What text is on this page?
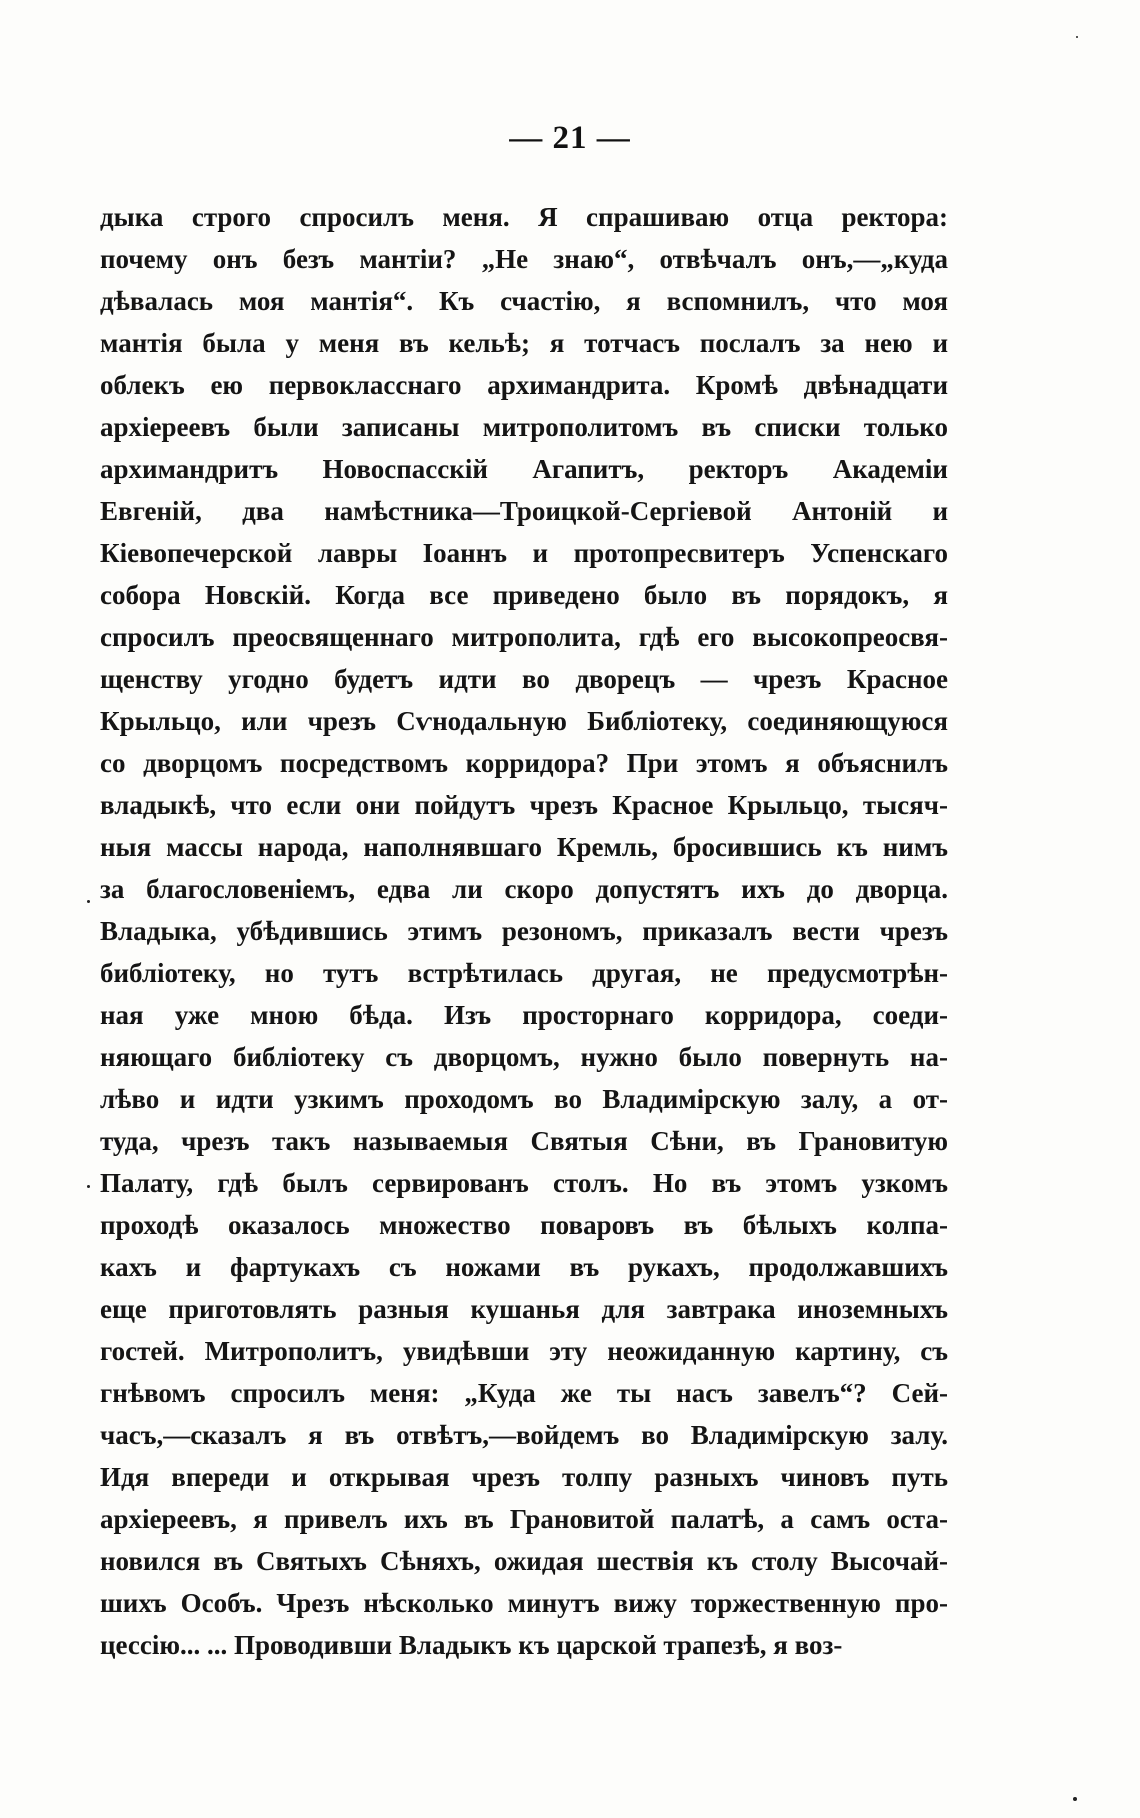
— 21 —
дыка строго спросилъ меня. Я спрашиваю отца ректора:
почему онъ безъ мантіи? „Не знаю“, отвѣчалъ онъ,—„куда
дѣвалась моя мантія“. Къ счастію, я вспомнилъ, что моя
мантія была у меня въ кельѣ; я тотчасъ послалъ за нею и
облекъ ею первокласснаго архимандрита. Кромѣ двѣнадцати
архіереевъ были записаны митрополитомъ въ списки только
архимандритъ Новоспасскій Агапитъ, ректоръ Академіи
Евгеній, два намѣстника—Троицкой-Сергіевой Антоній и
Кіевопечерской лавры Іоаннъ и протопресвитеръ Успенскаго
собора Новскій. Когда все приведено было въ порядокъ, я
спросилъ преосвященнаго митрополита, гдѣ его высокопреосвя-
щенству угодно будетъ идти во дворецъ — чрезъ Красное
Крыльцо, или чрезъ Сѵнодальную Библіотеку, соединяющуюся
со дворцомъ посредствомъ корридора? При этомъ я объяснилъ
владыкѣ, что если они пойдутъ чрезъ Красное Крыльцо, тысяч-
ныя массы народа, наполнявшаго Кремль, бросившись къ нимъ
за благословеніемъ, едва ли скоро допустятъ ихъ до дворца.
Владыка, убѣдившись этимъ резономъ, приказалъ вести чрезъ
библіотеку, но тутъ встрѣтилась другая, не предусмотрѣн-
ная уже мною бѣда. Изъ просторнаго корридора, соеди-
няющаго библіотеку съ дворцомъ, нужно было повернуть на-
лѣво и идти узкимъ проходомъ во Владимірскую залу, а от-
туда, чрезъ такъ называемыя Святыя Сѣни, въ Грановитую
Палату, гдѣ былъ сервированъ столъ. Но въ этомъ узкомъ
проходѣ оказалось множество поваровъ въ бѣлыхъ колпа-
кахъ и фартукахъ съ ножами въ рукахъ, продолжавшихъ
еще приготовлять разныя кушанья для завтрака иноземныхъ
гостей. Митрополитъ, увидѣвши эту неожиданную картину, съ
гнѣвомъ спросилъ меня: „Куда же ты насъ завелъ“? Сей-
часъ,—сказалъ я въ отвѣтъ,—войдемъ во Владимірскую залу.
Идя впереди и открывая чрезъ толпу разныхъ чиновъ путь
архіереевъ, я привелъ ихъ въ Грановитой палатѣ, а самъ оста-
новился въ Святыхъ Сѣняхъ, ожидая шествія къ столу Высочай-
шихъ Особъ. Чрезъ нѣсколько минутъ вижу торжественную про-
цессію... ... Проводивши Владыкъ къ царской трапезѣ, я воз-
